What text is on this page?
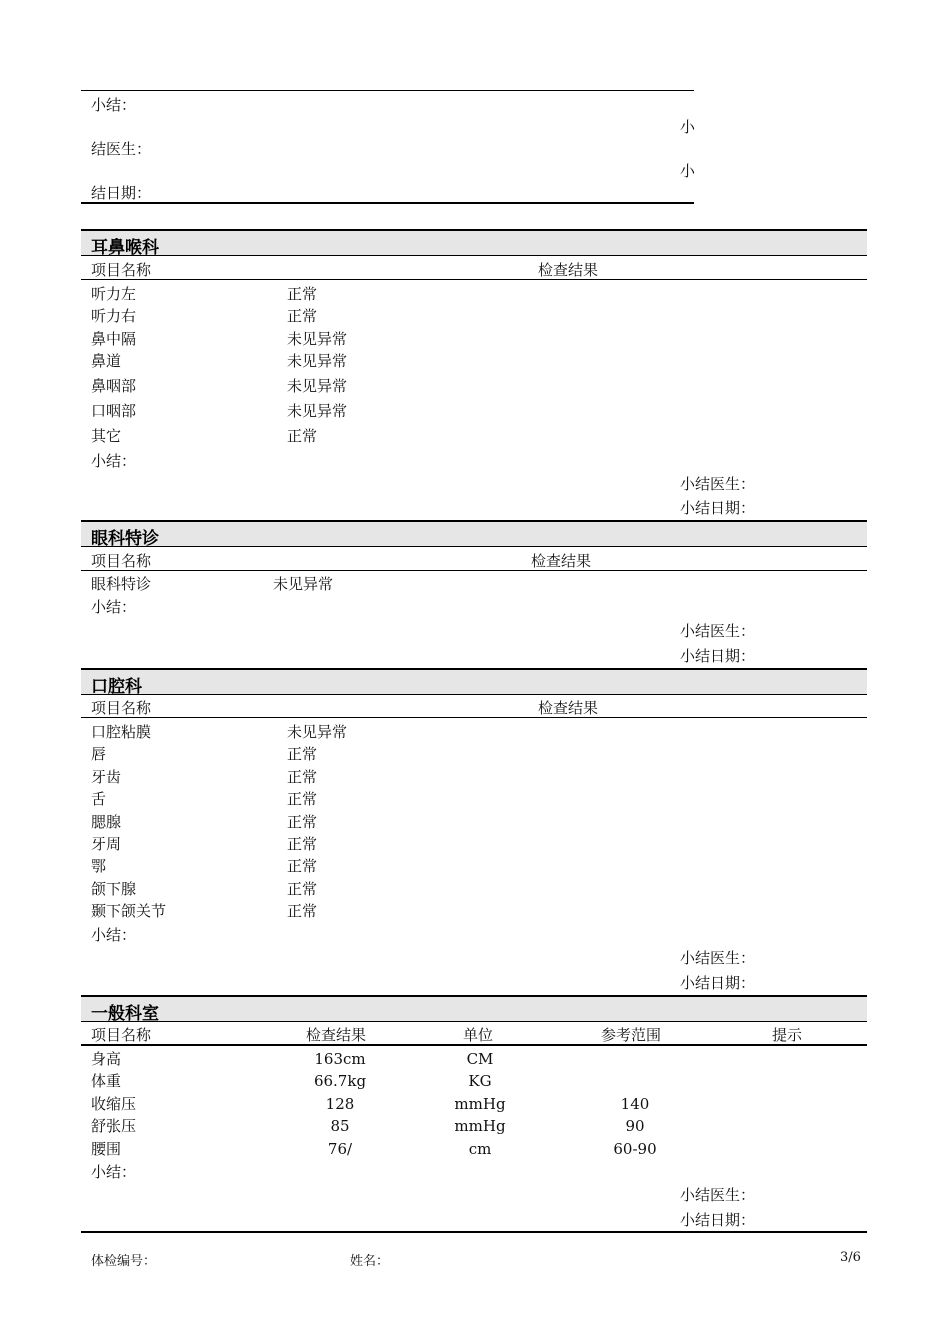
小结：
小
结医生：
小
结日期：
耳鼻喉科
项目名称	检查结果
听力左	正常
听力右	正常
鼻中隔	未见异常
鼻道	未见异常
鼻咽部	未见异常
口咽部	未见异常
其它	正常
小结：
小结医生：
小结日期：
眼科特诊
项目名称	检查结果
眼科特诊	未见异常
小结：
小结医生：
小结日期：
口腔科
项目名称	检查结果
口腔粘膜	未见异常
唇	正常
牙齿	正常
舌	正常
腮腺	正常
牙周	正常
鄂	正常
颌下腺	正常
颞下颌关节	正常
小结：
小结医生：
小结日期：
一般科室
项目名称	检查结果	单位	参考范围	提示
身高	163cm	CM
体重	66.7kg	KG
收缩压	128	mmHg	140
舒张压	85	mmHg	90
腰围	76/	cm	60-90
小结：
小结医生：
小结日期：
体检编号：	姓名：	3/6
